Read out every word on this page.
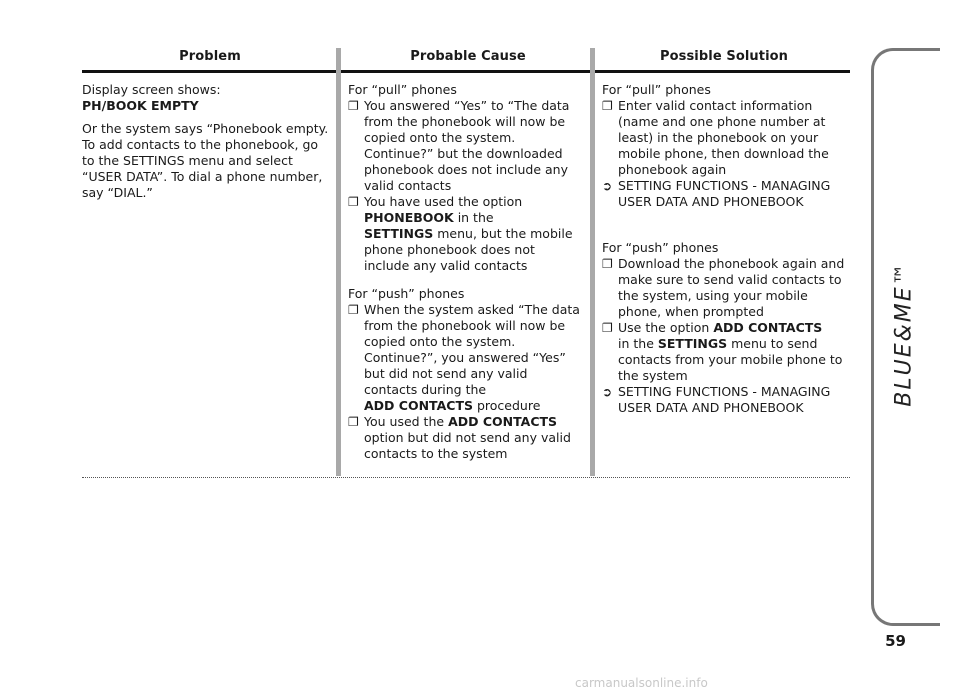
Problem	Probable Cause	Possible Solution

Display screen shows:

PH/BOOK EMPTY

Or the system says “Phonebook empty. To add contacts to the phonebook, go to the SETTINGS menu and select “USER DATA”. To dial a phone number, say “DIAL.”

For “pull” phones

❐ You answered “Yes” to “The data from the phonebook will now be copied onto the system. Continue?” but the downloaded phonebook does not include any valid contacts

❐ You have used the option
PHONEBOOK in the
SETTINGS menu, but the mobile phone phonebook does not include any valid contacts

For “push” phones

❐ When the system asked “The data from the phonebook will now be copied onto the system. Continue?”, you answered “Yes” but did not send any valid contacts during the
ADD CONTACTS procedure

❐ You used the ADD CONTACTS option but did not send any valid contacts to the system

For “pull” phones

❐ Enter valid contact information (name and one phone number at least) in the phonebook on your mobile phone, then download the phonebook again

➲ SETTING FUNCTIONS - MANAGING USER DATA AND PHONEBOOK

For “push” phones

❐ Download the phonebook again and make sure to send valid contacts to the system, using your mobile phone, when prompted

❐ Use the option ADD CONTACTS
in the SETTINGS menu to send contacts from your mobile phone to the system

➲ SETTING FUNCTIONS - MANAGING USER DATA AND PHONEBOOK

BLUE&ME™
59
carmanualsonline.info
